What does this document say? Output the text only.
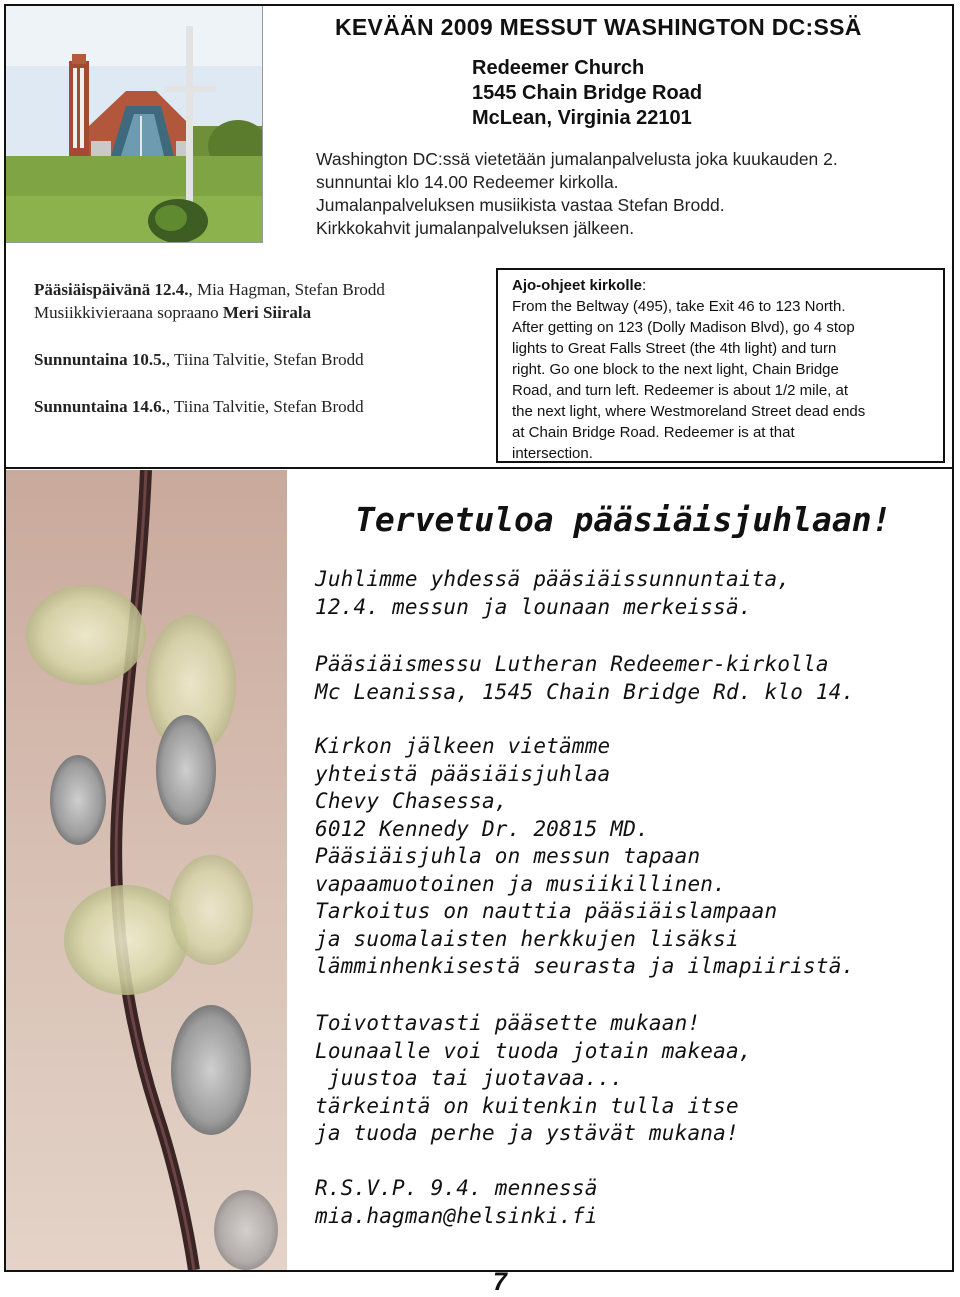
KEVÄÄN 2009 MESSUT WASHINGTON DC:SSÄ
Redeemer Church
1545 Chain Bridge Road
McLean, Virginia 22101
Washington DC:ssä vietetään jumalanpalvelusta joka kuukauden 2.
sunnuntai klo 14.00 Redeemer kirkolla.
Jumalanpalveluksen musiikista vastaa Stefan Brodd.
Kirkkokahvit jumalanpalveluksen jälkeen.
Pääsiäispäivänä 12.4., Mia Hagman, Stefan Brodd
Musiikkivieraana sopraano Meri Siirala
Sunnuntaina 10.5., Tiina Talvitie, Stefan Brodd
Sunnuntaina 14.6., Tiina Talvitie, Stefan Brodd
Ajo-ohjeet kirkolle:
From the Beltway (495), take Exit 46 to 123 North.
After getting on 123 (Dolly Madison Blvd), go 4 stop
lights to Great Falls Street (the 4th light) and turn
right. Go one block to the next light, Chain Bridge
Road, and turn left. Redeemer is about 1/2 mile, at
the next light, where Westmoreland Street dead ends
at Chain Bridge Road. Redeemer is at that
intersection.
Tervetuloa pääsiäisjuhlaan!
Juhlimme yhdessä pääsiäissunnuntaita,
12.4. messun ja lounaan merkeissä.
Pääsiäismessu Lutheran Redeemer-kirkolla
Mc Leanissa, 1545 Chain Bridge Rd. klo 14.
Kirkon jälkeen vietämme
yhteistä pääsiäisjuhlaa
Chevy Chasessa,
6012 Kennedy Dr. 20815 MD.
Pääsiäisjuhla on messun tapaan
vapaamuotoinen ja musiikillinen.
Tarkoitus on nauttia pääsiäislampaan
ja suomalaisten herkkujen lisäksi
lämminhenkisestä seurasta ja ilmapiiristä.
Toivottavasti pääsette mukaan!
Lounaalle voi tuoda jotain makeaa,
juustoa tai juotavaa...
tärkeintä on kuitenkin tulla itse
ja tuoda perhe ja ystävät mukana!
R.S.V.P. 9.4. mennessä
mia.hagman@helsinki.fi
7
